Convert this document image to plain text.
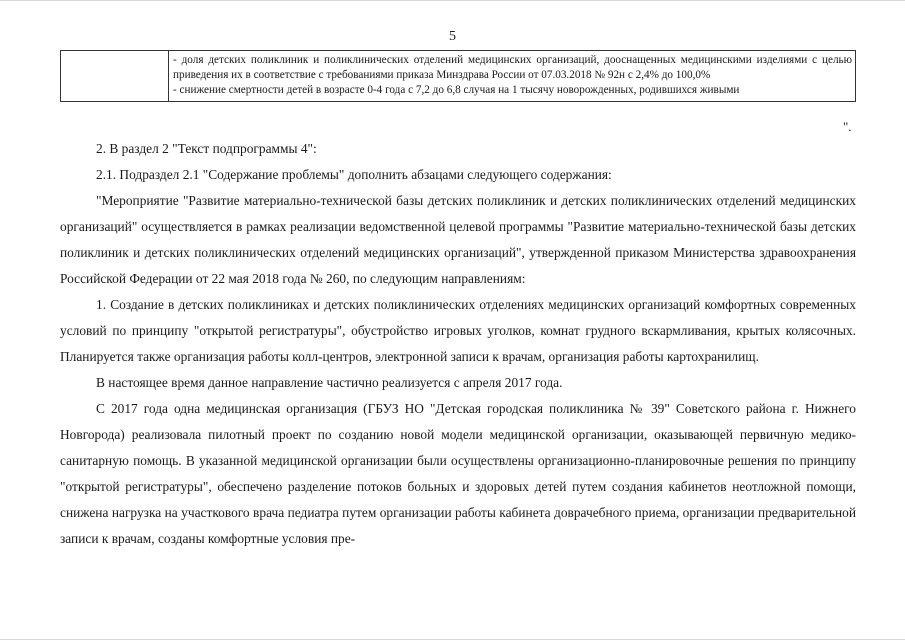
5

- доля детских поликлиник и поликлинических отделений медицинских организаций, дооснащенных медицинскими изделиями с целью приведения их в соответствие с требованиями приказа Минздрава России от 07.03.2018 № 92н с 2,4% до 100,0%
- снижение смертности детей в возрасте 0-4 года с 7,2 до 6,8 случая на 1 тысячу новорожденных, родившихся живыми
".

2. В раздел 2 "Текст подпрограммы 4":

2.1. Подраздел 2.1 "Содержание проблемы" дополнить абзацами следующего содержания:

"Мероприятие "Развитие материально-технической базы детских поликлиник и детских поликлинических отделений медицинских организаций" осуществляется в рамках реализации ведомственной целевой программы "Развитие материально-технической базы детских поликлиник и детских поликлинических отделений медицинских организаций", утвержденной приказом Министерства здравоохранения Российской Федерации от 22 мая 2018 года № 260, по следующим направлениям:

1. Создание в детских поликлиниках и детских поликлинических отделениях медицинских организаций комфортных современных условий по принципу "открытой регистратуры", обустройство игровых уголков, комнат грудного вскармливания, крытых колясочных. Планируется также организация работы колл-центров, электронной записи к врачам, организация работы картохранилищ.

В настоящее время данное направление частично реализуется с апреля 2017 года.

С 2017 года одна медицинская организация (ГБУЗ НО "Детская городская поликлиника № 39" Советского района г. Нижнего Новгорода) реализовала пилотный проект по созданию новой модели медицинской организации, оказывающей первичную медико-санитарную помощь. В указанной медицинской организации были осуществлены организационно-планировочные решения по принципу "открытой регистратуры", обеспечено разделение потоков больных и здоровых детей путем создания кабинетов неотложной помощи, снижена нагрузка на участкового врача педиатра путем организации работы кабинета доврачебного приема, организации предварительной записи к врачам, созданы комфортные условия пре-
